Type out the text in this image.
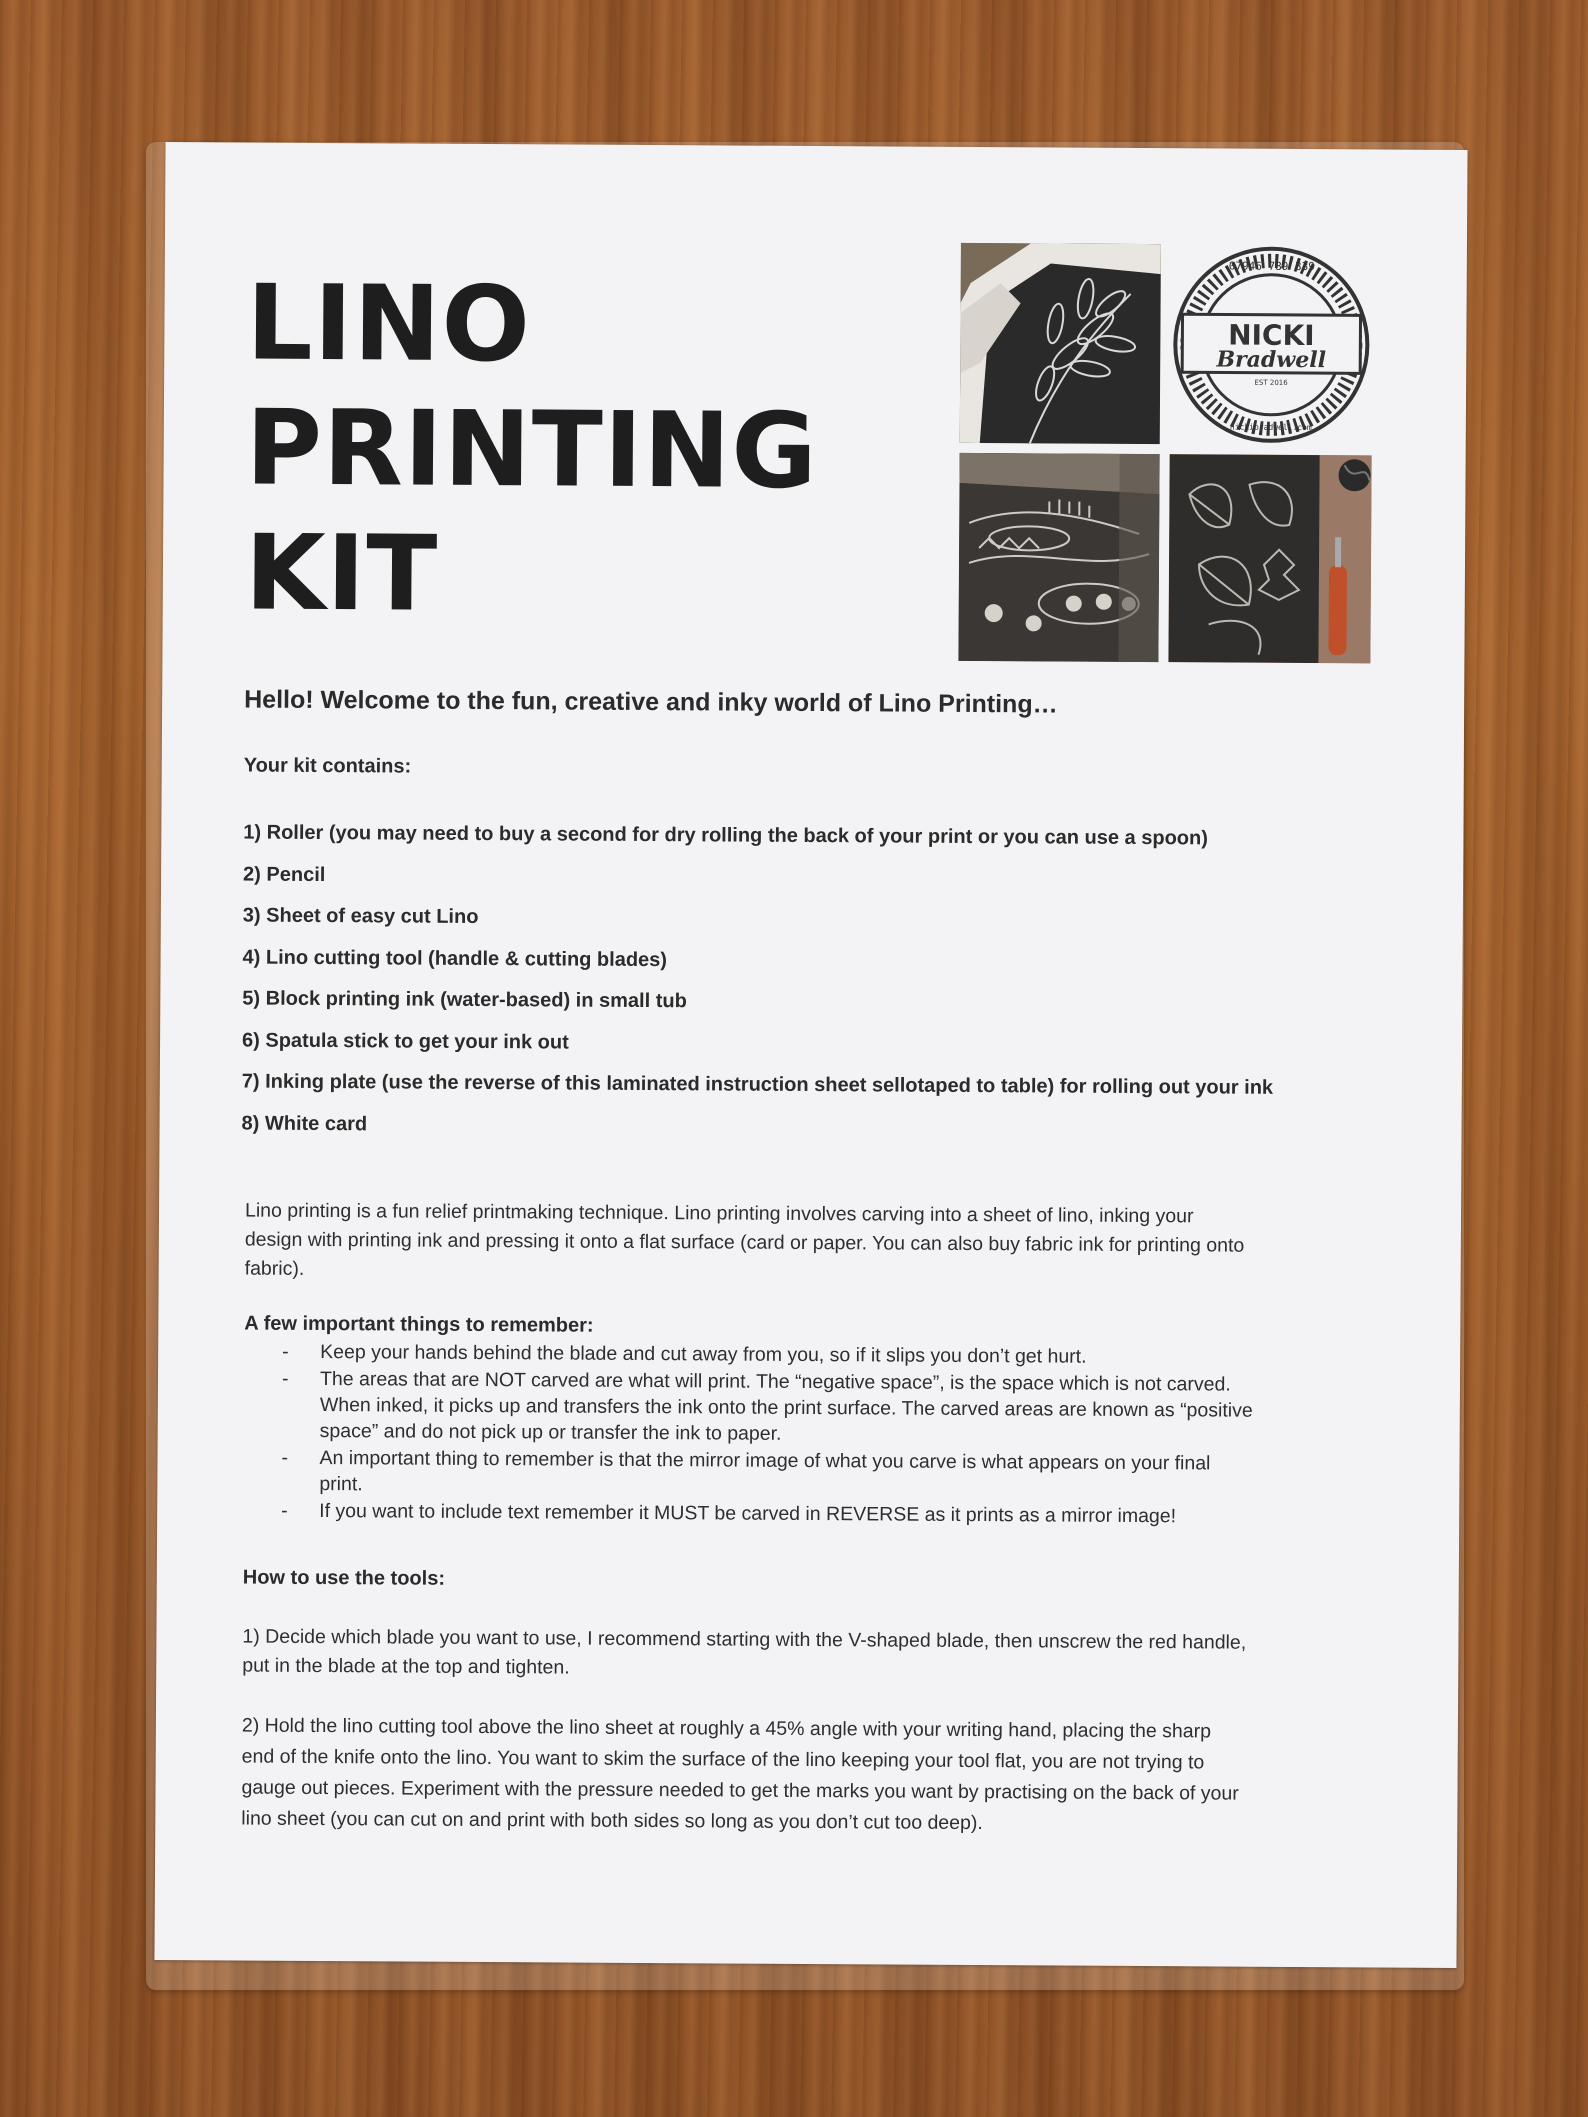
LINO
PRINTING
KIT
07946 789 339
NICKI
Bradwell
EST 2016
nickibradwell.com
Hello! Welcome to the fun, creative and inky world of Lino Printing…
Your kit contains:
1) Roller (you may need to buy a second for dry rolling the back of your print or you can use a spoon)
2) Pencil
3) Sheet of easy cut Lino
4) Lino cutting tool (handle & cutting blades)
5) Block printing ink (water-based) in small tub
6) Spatula stick to get your ink out
7) Inking plate (use the reverse of this laminated instruction sheet sellotaped to table) for rolling out your ink
8) White card
Lino printing is a fun relief printmaking technique. Lino printing involves carving into a sheet of lino, inking your
design with printing ink and pressing it onto a flat surface (card or paper. You can also buy fabric ink for printing onto
fabric).
A few important things to remember:
- Keep your hands behind the blade and cut away from you, so if it slips you don’t get hurt.
- The areas that are NOT carved are what will print. The “negative space”, is the space which is not carved.
When inked, it picks up and transfers the ink onto the print surface. The carved areas are known as “positive
space” and do not pick up or transfer the ink to paper.
- An important thing to remember is that the mirror image of what you carve is what appears on your final
print.
- If you want to include text remember it MUST be carved in REVERSE as it prints as a mirror image!
How to use the tools:
1) Decide which blade you want to use, I recommend starting with the V-shaped blade, then unscrew the red handle,
put in the blade at the top and tighten.
2) Hold the lino cutting tool above the lino sheet at roughly a 45% angle with your writing hand, placing the sharp
end of the knife onto the lino. You want to skim the surface of the lino keeping your tool flat, you are not trying to
gauge out pieces. Experiment with the pressure needed to get the marks you want by practising on the back of your
lino sheet (you can cut on and print with both sides so long as you don’t cut too deep).
